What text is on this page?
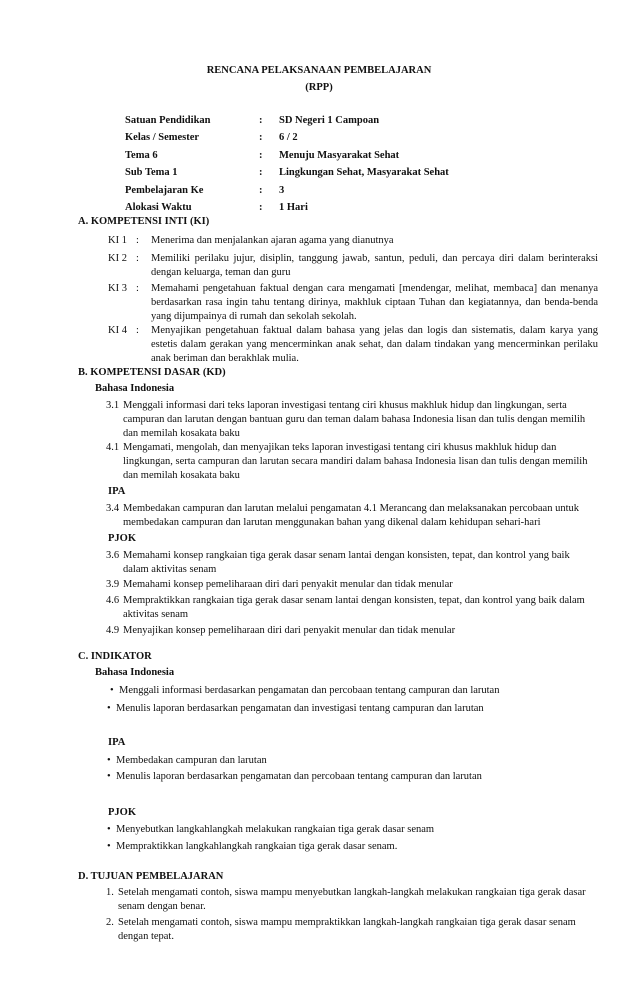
RENCANA PELAKSANAAN PEMBELAJARAN
(RPP)
Satuan Pendidikan	:	SD Negeri 1 Campoan
Kelas / Semester	:	6 / 2
Tema 6	:	Menuju Masyarakat Sehat
Sub Tema 1	:	Lingkungan Sehat, Masyarakat Sehat
Pembelajaran Ke	:	3
Alokasi Waktu	:	1 Hari
A. KOMPETENSI INTI (KI)
KI 1 :	Menerima dan menjalankan ajaran agama yang dianutnya
KI 2 :	Memiliki perilaku jujur, disiplin, tanggung jawab, santun, peduli, dan percaya diri dalam berinteraksi dengan keluarga, teman dan guru
KI 3 :	Memahami pengetahuan faktual dengan cara mengamati [mendengar, melihat, membaca] dan menanya berdasarkan rasa ingin tahu tentang dirinya, makhluk ciptaan Tuhan dan kegiatannya, dan benda-benda yang dijumpainya di rumah dan sekolah sekolah.
KI 4 :	Menyajikan pengetahuan faktual dalam bahasa yang jelas dan logis dan sistematis, dalam karya yang estetis dalam gerakan yang mencerminkan anak sehat, dan dalam tindakan yang mencerminkan perilaku anak beriman dan berakhlak mulia.
B. KOMPETENSI DASAR (KD)
Bahasa Indonesia
3.1 Menggali informasi dari teks laporan investigasi tentang ciri khusus makhluk hidup dan lingkungan, serta campuran dan larutan dengan bantuan guru dan teman dalam bahasa Indonesia lisan dan tulis dengan memilih dan memilah kosakata baku
4.1 Mengamati, mengolah, dan menyajikan teks laporan investigasi tentang ciri khusus makhluk hidup dan lingkungan, serta campuran dan larutan secara mandiri dalam bahasa Indonesia lisan dan tulis dengan memilih dan memilah kosakata baku
IPA
3.4 Membedakan campuran dan larutan melalui pengamatan 4.1 Merancang dan melaksanakan percobaan untuk membedakan campuran dan larutan menggunakan bahan yang dikenal dalam kehidupan sehari-hari
PJOK
3.6 Memahami konsep rangkaian tiga gerak dasar senam lantai dengan konsisten, tepat, dan kontrol yang baik dalam aktivitas senam
3.9 Memahami konsep pemeliharaan diri dari penyakit menular dan tidak menular
4.6 Mempraktikkan rangkaian tiga gerak dasar senam lantai dengan konsisten, tepat, dan kontrol yang baik dalam aktivitas senam
4.9 Menyajikan konsep pemeliharaan diri dari penyakit menular dan tidak menular
C. INDIKATOR
Bahasa Indonesia
• Menggali informasi berdasarkan pengamatan dan percobaan tentang campuran dan larutan
• Menulis laporan berdasarkan pengamatan dan investigasi tentang campuran dan larutan
IPA
• Membedakan campuran dan larutan
• Menulis laporan berdasarkan pengamatan dan percobaan tentang campuran dan larutan
PJOK
• Menyebutkan langkahlangkah melakukan rangkaian tiga gerak dasar senam
• Mempraktikkan langkahlangkah rangkaian tiga gerak dasar senam.
D. TUJUAN PEMBELAJARAN
1. Setelah mengamati contoh, siswa mampu menyebutkan langkah-langkah melakukan rangkaian tiga gerak dasar senam dengan benar.
2. Setelah mengamati contoh, siswa mampu mempraktikkan langkah-langkah rangkaian tiga gerak dasar senam dengan tepat.
